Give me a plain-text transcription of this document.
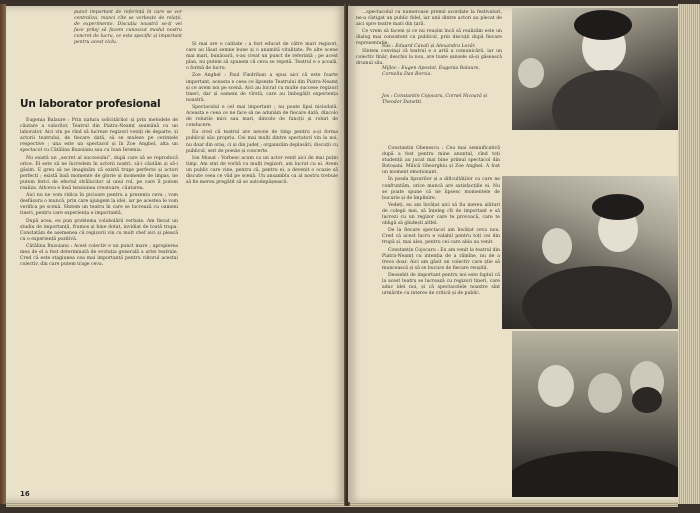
punct important de referință în care se vor centraliza, munci cîte se vorbește de relații, de experimente. Discuția noastră se-ți vei face prilej să facem cunoscut modul nostru concret de lucru, ce este specific și important pentru acest ciclu.
Un laborator profesional

Eugenia Balaure : Prin natura solicitărilor și prin metodele de căutare a valorilor, Teatrul din Piatra-Neamț seamănă cu un laborator. Aici vin pe rînd să lucreze regizori veniți de departe, și actorii teatrului, de fiecare dată, să se muleze pe cerințele respective ; una este un spectacol și în Zoe Anghel, alta un spectacol cu Cătălina Buzoianu sau cu Ioan Ieremia.

Nu există un „secret al succesului”, după care să se reproducă orice. El este să ne încredem în actorii noștri, să-i căutăm și să-i găsim. E greu să ne imaginăm că există trupe perfecte și actori perfecți ; există însă momente de glorie și momente de impas, ne putem ferici de efectul strălucitor al unui rol, pe care îl putem realiza. Altceva e însă tensiunea creatoare, căutarea.

Aici nu ne vom ridica în picioare pentru a prezenta ceva ; vom desfășura o muncă, prin care ajungem la idei, iar pe acestea le vom verifica pe scenă. Sîntem un teatru în care se lucrează cu oameni tineri, pentru care experiența e importantă.

După acea, eu pun problema colabolării verbale. Am fiecat un studiu de importanță, frumos și bine dotat, invidiat de toată trupa. Constatăm de asemenea că regizorii vin cu mult chef aici și pleacă cu o experiență pozitivă.

Cătălina Buzoianu : Acest colectiv e un punct mare ; apropierea mea de el a fost determinată de evoluția generală a artei teatrale. Cred că este stagiunea cea mai importantă pentru viitorul acestui colectiv, din care putem trage ceva.

Și mai are o calitate : a fost educat de către mari regizori, care au lăsat semne bune și o anumită vitalitate. Pe alte scene mai mari, bunăoară, s-au creat un punct de referință ; pe acest plan, nu putem să spunem că ceva se repetă. Teatrul e o școală, o formă de lucru.

Zoe Anghel : Paul Findrihan a spus aici că este foarte important, aceasta e ceea ce lipsește Teatrului din Piatra-Neamț și ce avem noi pe scenă. Aici au lucrat cu multe succese regizori tineri, dar și oameni de vîrstă, care au îmbogățit experiența noastră.

Spectacolul e cel mai important ; nu poate lipsi niciodată. Aceasta e ceea ce ne face să ne adunăm de fiecare dată, dincolo de rolurile mici sau mari, dincolo de funcții și roluri de conducere.

Eu cred că teatrul are nevoie de timp pentru a-și forma publicul său propriu. Cei mai mulți dintre spectatori vin la noi, nu doar din oraș, ci și din județ ; organizăm deplasări, discuții cu publicul, seri de poezie și concerte.

Ion Musat : Vorbesc acum ca un actor venit aici de mai puțin timp. Am stat de vorbă cu mulți regizori, am lucrat cu ei. Avem un public care vine, pentru că, pentru ei, a devenit o ocazie să discute ceea ce văd pe scenă. Un ansamblu ca al nostru trebuie să fie mereu pregătit să se autodepășească.

16

...spectacolul cu numeroase premii acordate la festivaluri, ne-a cîștigat un public fidel, iar unii dintre actori au plecat de aici spre teatre mari din țară.

Ce vrem să facem și ce nu reușim încă să realizăm este un dialog mai consistent cu publicul, prin discuții după fiecare reprezentație.

Sîntem convinși că teatrul e o artă a comunicării, iar un colectiv tînăr, deschis la nou, are toate șansele să-și găsească drumul său.

Sus : Eduard Cavali și Alexandra Lezăr.
Mijloc : Eugen Apostol, Eugenia Balaure, Corneliu Dan Borcia.
Jos : Constantin Cojocaru, Cornel Nicoară și Theodor Danetti.

Constantin Ghenescu : Cea mai semnificativă după a fost pentru mine anunțul, cînd toți studenții au jucat mai bine primul spectacol din Botoșani. Milică Gheorghiu și Zoe Anghel. A fost un moment emoționant.

În posda lipsurilor și a dificultăților cu care ne confruntăm, orice muncă are satisfacțiile ei. Nu se poate spune că ne lipsesc momentele de bucurie și de împlinire.

Vedeți, eu am învățat aici să fiu mereu alături de colegii mei, să înțeleg cît de important e să lucrezi cu un regizor care te provoacă, care te obligă să gîndești altfel.

De la fiecare spectacol am învățat ceva nou. Cred că acest lucru e valabil pentru toți cei din trupă și, mai ales, pentru cei care abia au venit.

Constantin Cojocaru : Eu am venit la teatrul din Piatra-Neamț cu intenția de a rămîne, nu de a trece doar. Aici am găsit un colectiv care știe să muncească și să se bucure de fiecare reușită.

Deosebit de important pentru noi este faptul că la acest teatru se lucrează cu regizori tineri, care aduc idei noi, și că spectacolele noastre sînt urmărite cu interes de critică și de public.
